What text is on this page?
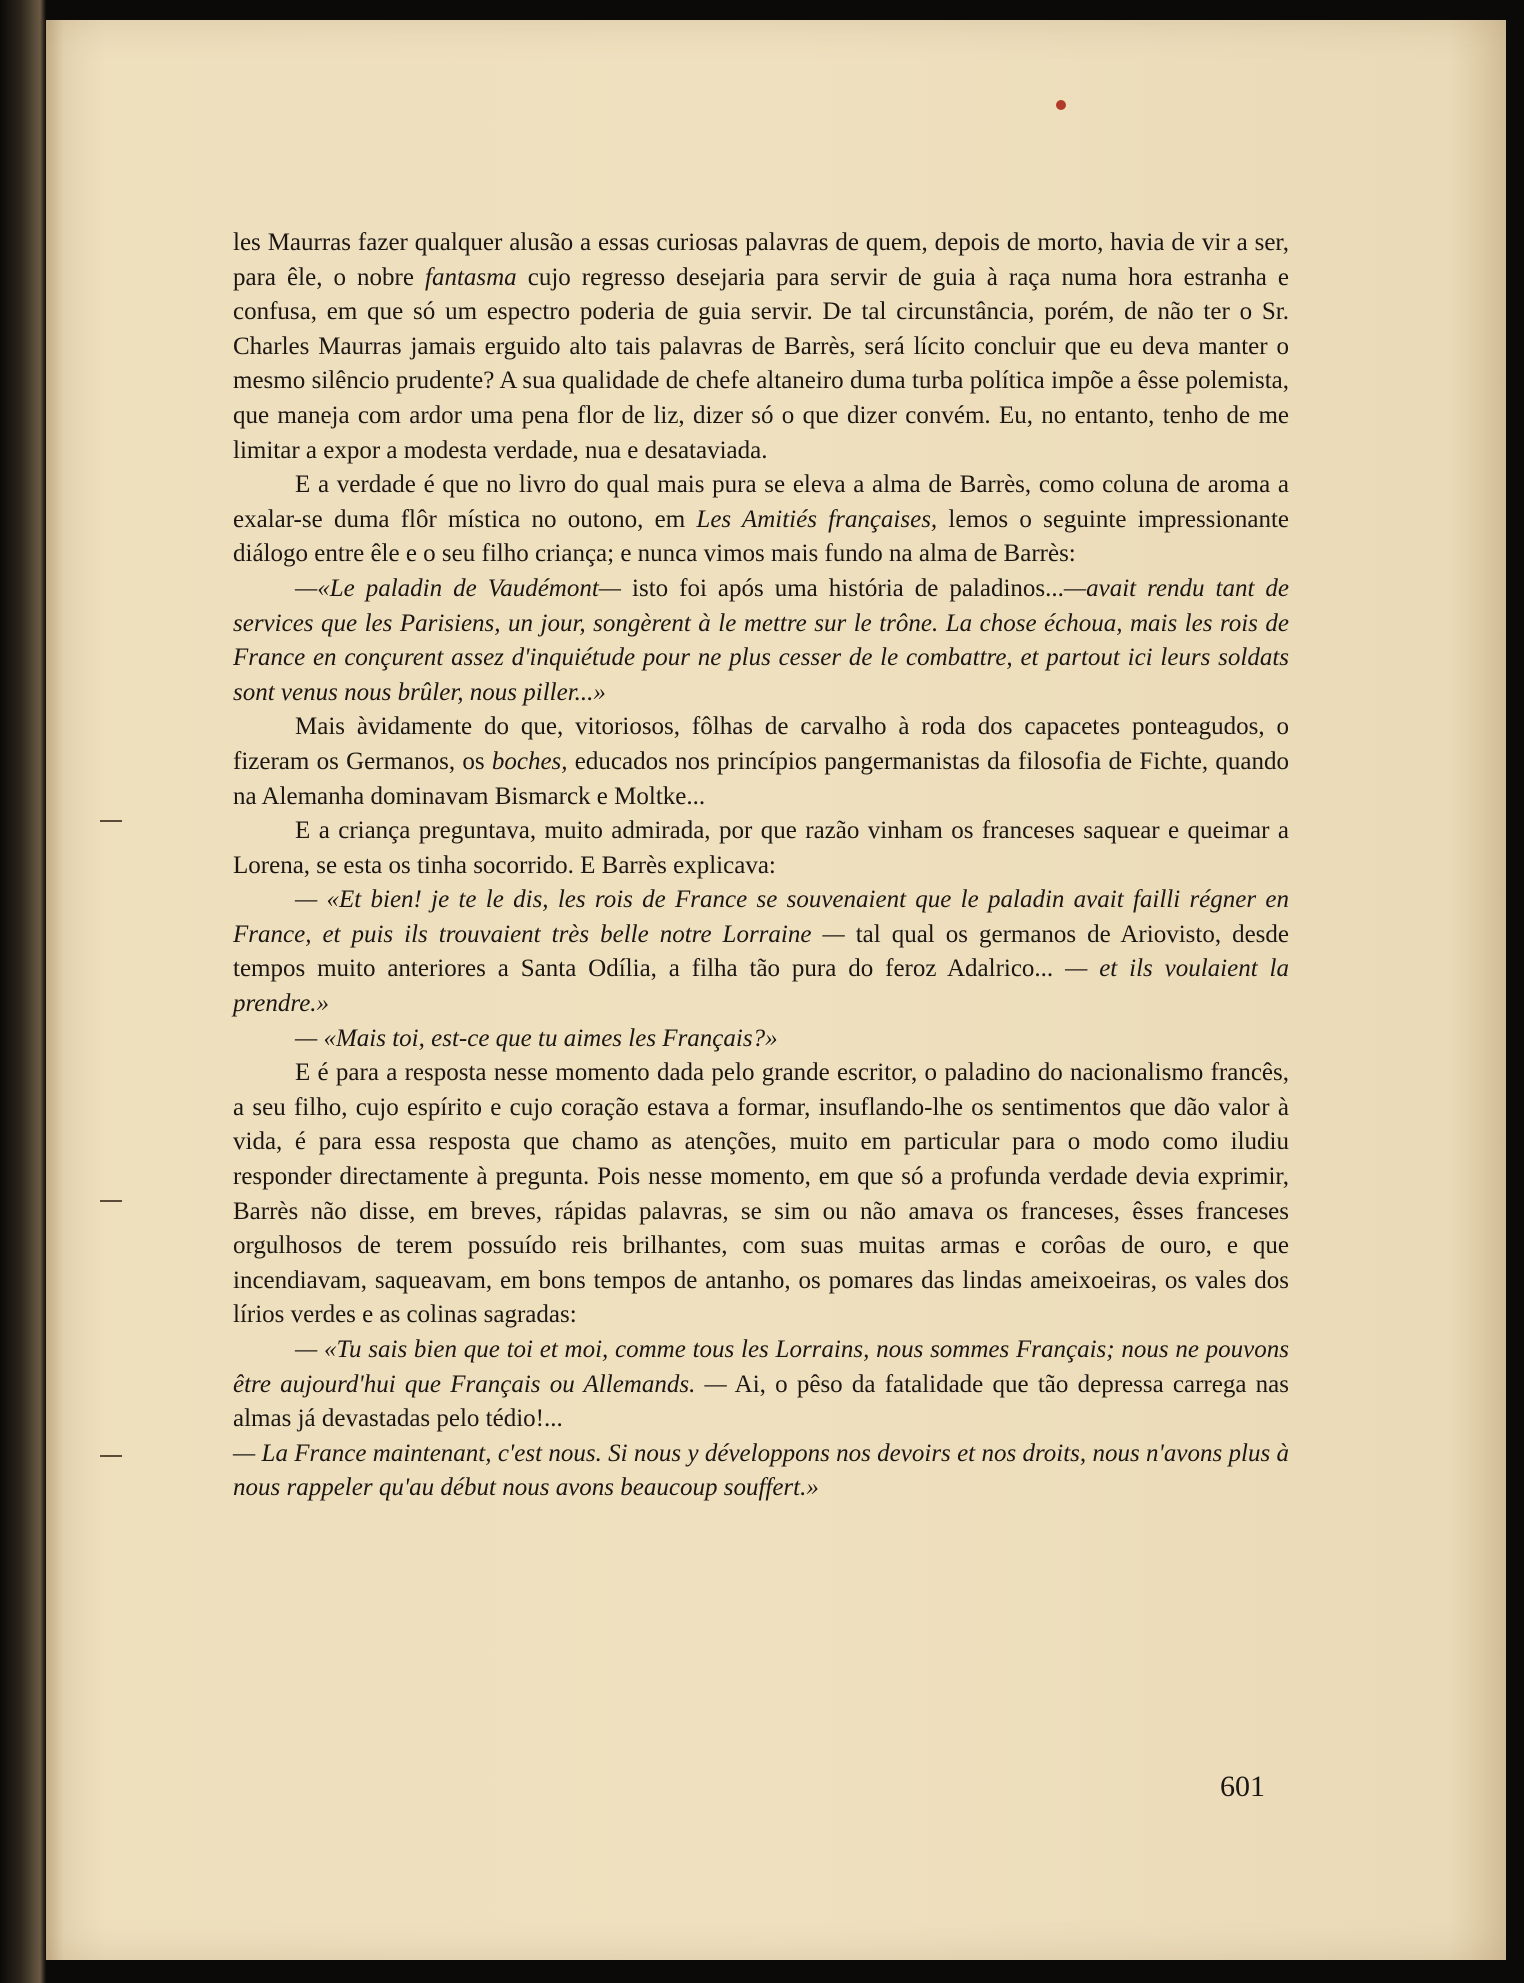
les Maurras fazer qualquer alusão a essas curiosas palavras de quem, depois de morto, havia de vir a ser, para êle, o nobre fantasma cujo regresso desejaria para servir de guia à raça numa hora estranha e confusa, em que só um espectro poderia de guia servir. De tal circunstância, porém, de não ter o Sr. Charles Maurras jamais erguido alto tais palavras de Barrès, será lícito concluir que eu deva manter o mesmo silêncio prudente? A sua qualidade de chefe altaneiro duma turba política impõe a êsse polemista, que maneja com ardor uma pena flor de liz, dizer só o que dizer convém. Eu, no entanto, tenho de me limitar a expor a modesta verdade, nua e desataviada.

E a verdade é que no livro do qual mais pura se eleva a alma de Barrès, como coluna de aroma a exalar-se duma flôr mística no outono, em Les Amitiés françaises, lemos o seguinte impressionante diálogo entre êle e o seu filho criança; e nunca vimos mais fundo na alma de Barrès:

—«Le paladin de Vaudémont— isto foi após uma história de paladinos...—avait rendu tant de services que les Parisiens, un jour, songèrent à le mettre sur le trône. La chose échoua, mais les rois de France en conçurent assez d'inquiétude pour ne plus cesser de le combattre, et partout ici leurs soldats sont venus nous brûler, nous piller...»

Mais àvidamente do que, vitoriosos, fôlhas de carvalho à roda dos capacetes ponteagudos, o fizeram os Germanos, os boches, educados nos princípios pangermanistas da filosofia de Fichte, quando na Alemanha dominavam Bismarck e Moltke...

E a criança preguntava, muito admirada, por que razão vinham os franceses saquear e queimar a Lorena, se esta os tinha socorrido. E Barrès explicava:

— «Et bien! je te le dis, les rois de France se souvenaient que le paladin avait failli régner en France, et puis ils trouvaient très belle notre Lorraine — tal qual os germanos de Ariovisto, desde tempos muito anteriores a Santa Odília, a filha tão pura do feroz Adalrico... — et ils voulaient la prendre.»

— «Mais toi, est-ce que tu aimes les Français?»

E é para a resposta nesse momento dada pelo grande escritor, o paladino do nacionalismo francês, a seu filho, cujo espírito e cujo coração estava a formar, insuflando-lhe os sentimentos que dão valor à vida, é para essa resposta que chamo as atenções, muito em particular para o modo como iludiu responder directamente à pregunta. Pois nesse momento, em que só a profunda verdade devia exprimir, Barrès não disse, em breves, rápidas palavras, se sim ou não amava os franceses, êsses franceses orgulhosos de terem possuído reis brilhantes, com suas muitas armas e corôas de ouro, e que incendiavam, saqueavam, em bons tempos de antanho, os pomares das lindas ameixoeiras, os vales dos lírios verdes e as colinas sagradas:

— «Tu sais bien que toi et moi, comme tous les Lorrains, nous sommes Français; nous ne pouvons être aujourd'hui que Français ou Allemands. — Ai, o pêso da fatalidade que tão depressa carrega nas almas já devastadas pelo tédio!...

— La France maintenant, c'est nous. Si nous y développons nos devoirs et nos droits, nous n'avons plus à nous rappeler qu'au début nous avons beaucoup souffert.»

601
